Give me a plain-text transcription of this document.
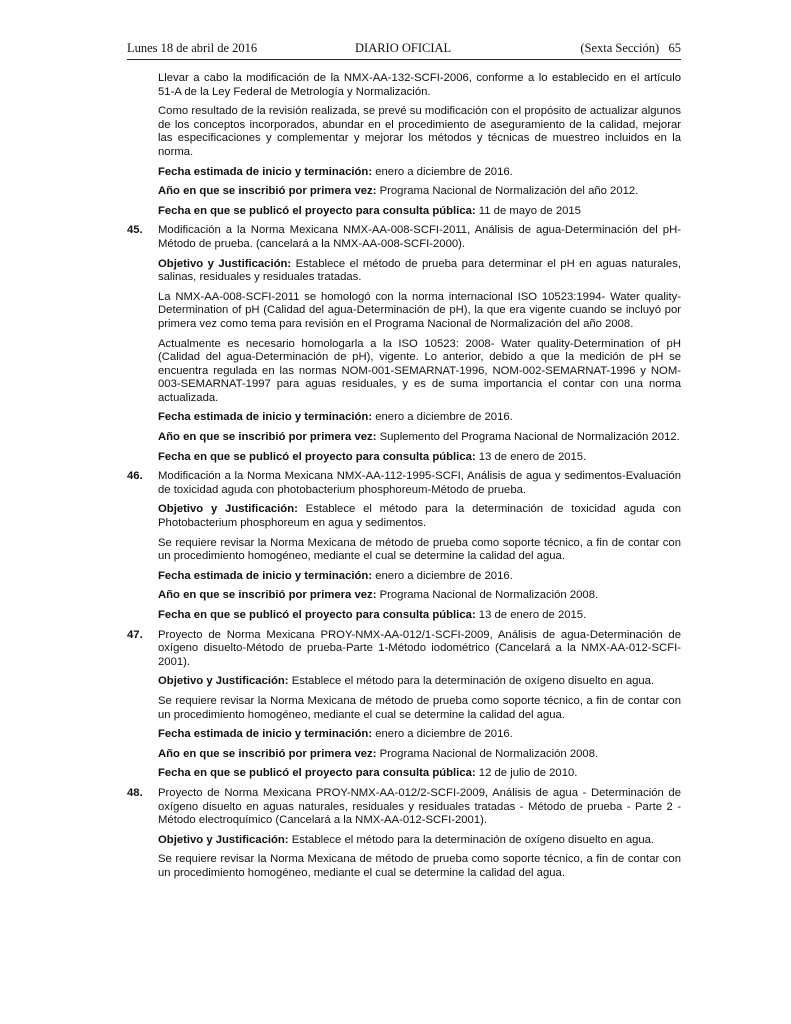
Lunes 18 de abril de 2016	DIARIO OFICIAL	(Sexta Sección) 65

Llevar a cabo la modificación de la NMX-AA-132-SCFI-2006, conforme a lo establecido en el artículo 51-A de la Ley Federal de Metrología y Normalización.

Como resultado de la revisión realizada, se prevé su modificación con el propósito de actualizar algunos de los conceptos incorporados, abundar en el procedimiento de aseguramiento de la calidad, mejorar las especificaciones y complementar y mejorar los métodos y técnicas de muestreo incluidos en la norma.

Fecha estimada de inicio y terminación: enero a diciembre de 2016.

Año en que se inscribió por primera vez: Programa Nacional de Normalización del año 2012.

Fecha en que se publicó el proyecto para consulta pública: 11 de mayo de 2015

45. Modificación a la Norma Mexicana NMX-AA-008-SCFI-2011, Análisis de agua-Determinación del pH-Método de prueba. (cancelará a la NMX-AA-008-SCFI-2000).

Objetivo y Justificación: Establece el método de prueba para determinar el pH en aguas naturales, salinas, residuales y residuales tratadas.

La NMX-AA-008-SCFI-2011 se homologó con la norma internacional ISO 10523:1994- Water quality-Determination of pH (Calidad del agua-Determinación de pH), la que era vigente cuando se incluyó por primera vez como tema para revisión en el Programa Nacional de Normalización del año 2008.

Actualmente es necesario homologarla a la ISO 10523: 2008- Water quality-Determination of pH (Calidad del agua-Determinación de pH), vigente. Lo anterior, debido a que la medición de pH se encuentra regulada en las normas NOM-001-SEMARNAT-1996, NOM-002-SEMARNAT-1996 y NOM-003-SEMARNAT-1997 para aguas residuales, y es de suma importancia el contar con una norma actualizada.

Fecha estimada de inicio y terminación: enero a diciembre de 2016.

Año en que se inscribió por primera vez: Suplemento del Programa Nacional de Normalización 2012.

Fecha en que se publicó el proyecto para consulta pública: 13 de enero de 2015.

46. Modificación a la Norma Mexicana NMX-AA-112-1995-SCFI, Análisis de agua y sedimentos-Evaluación de toxicidad aguda con photobacterium phosphoreum-Método de prueba.

Objetivo y Justificación: Establece el método para la determinación de toxicidad aguda con Photobacterium phosphoreum en agua y sedimentos.

Se requiere revisar la Norma Mexicana de método de prueba como soporte técnico, a fin de contar con un procedimiento homogéneo, mediante el cual se determine la calidad del agua.

Fecha estimada de inicio y terminación: enero a diciembre de 2016.

Año en que se inscribió por primera vez: Programa Nacional de Normalización 2008.

Fecha en que se publicó el proyecto para consulta pública: 13 de enero de 2015.

47. Proyecto de Norma Mexicana PROY-NMX-AA-012/1-SCFI-2009, Análisis de agua-Determinación de oxígeno disuelto-Método de prueba-Parte 1-Método iodométrico (Cancelará a la NMX-AA-012-SCFI-2001).

Objetivo y Justificación: Establece el método para la determinación de oxígeno disuelto en agua.

Se requiere revisar la Norma Mexicana de método de prueba como soporte técnico, a fin de contar con un procedimiento homogéneo, mediante el cual se determine la calidad del agua.

Fecha estimada de inicio y terminación: enero a diciembre de 2016.

Año en que se inscribió por primera vez: Programa Nacional de Normalización 2008.

Fecha en que se publicó el proyecto para consulta pública: 12 de julio de 2010.

48. Proyecto de Norma Mexicana PROY-NMX-AA-012/2-SCFI-2009, Análisis de agua - Determinación de oxígeno disuelto en aguas naturales, residuales y residuales tratadas - Método de prueba - Parte 2 - Método electroquímico (Cancelará a la NMX-AA-012-SCFI-2001).

Objetivo y Justificación: Establece el método para la determinación de oxígeno disuelto en agua.

Se requiere revisar la Norma Mexicana de método de prueba como soporte técnico, a fin de contar con un procedimiento homogéneo, mediante el cual se determine la calidad del agua.
